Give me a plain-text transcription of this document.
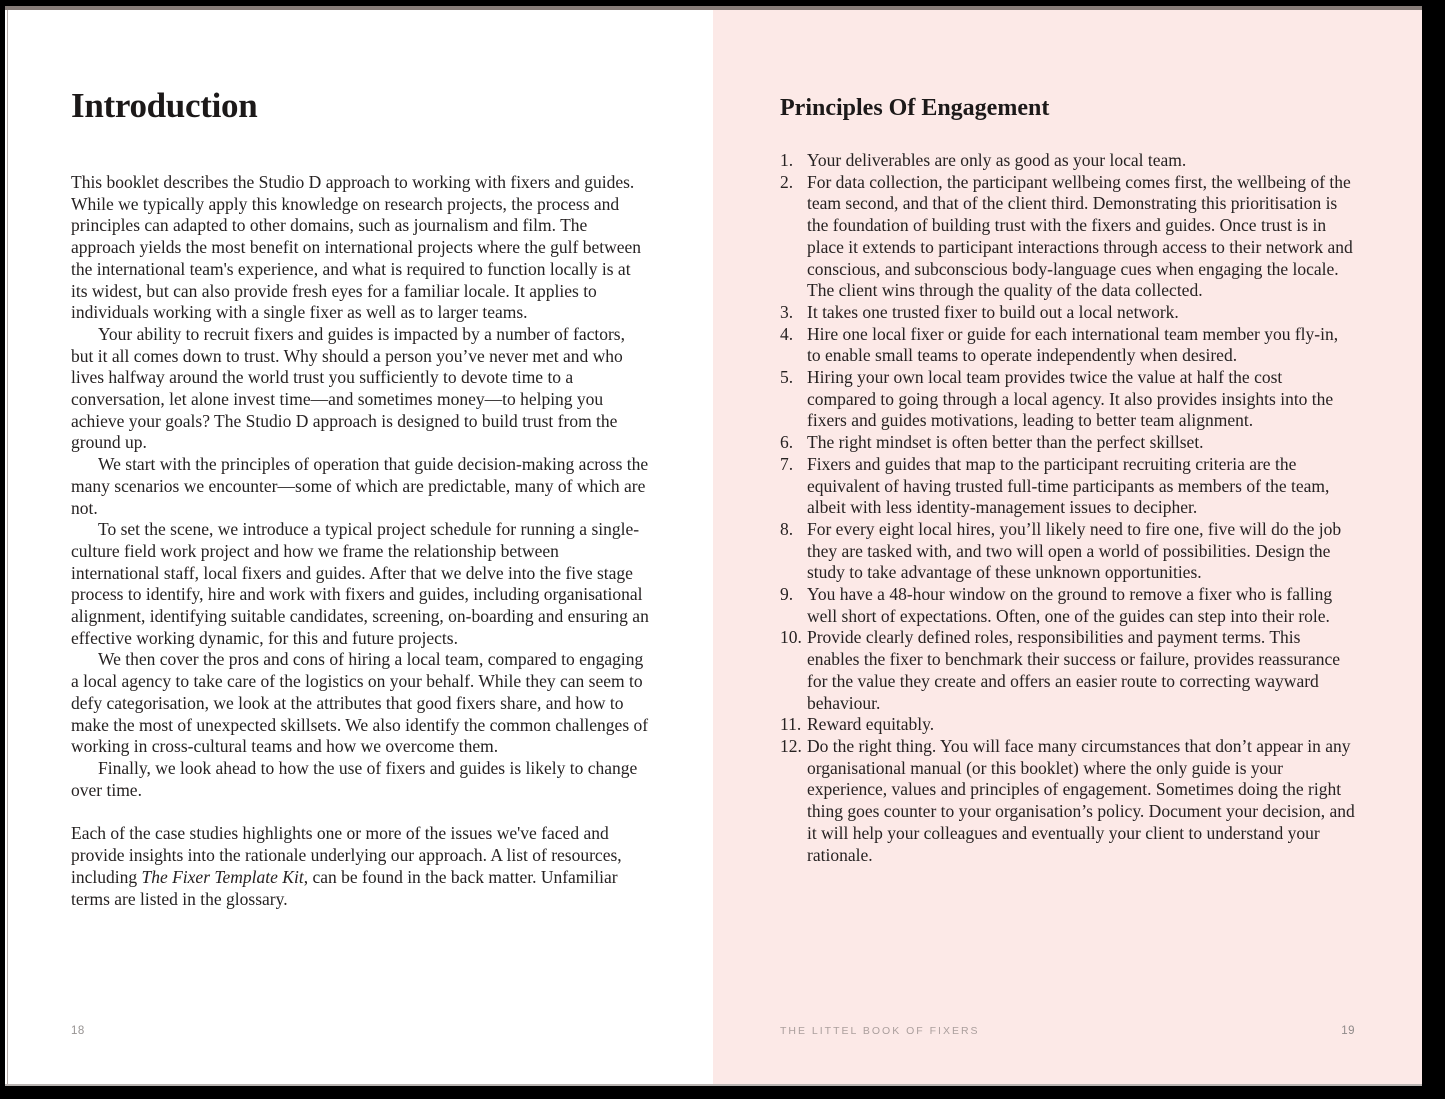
Introduction

This booklet describes the Studio D approach to working with fixers and guides. While we typically apply this knowledge on research projects, the process and principles can adapted to other domains, such as journalism and film. The approach yields the most benefit on international projects where the gulf between the international team's experience, and what is required to function locally is at its widest, but can also provide fresh eyes for a familiar locale. It applies to individuals working with a single fixer as well as to larger teams.

Your ability to recruit fixers and guides is impacted by a number of factors, but it all comes down to trust. Why should a person you’ve never met and who lives halfway around the world trust you sufficiently to devote time to a conversation, let alone invest time—and sometimes money—to helping you achieve your goals? The Studio D approach is designed to build trust from the ground up.

We start with the principles of operation that guide decision-making across the many scenarios we encounter—some of which are predictable, many of which are not.

To set the scene, we introduce a typical project schedule for running a single-culture field work project and how we frame the relationship between international staff, local fixers and guides. After that we delve into the five stage process to identify, hire and work with fixers and guides, including organisational alignment, identifying suitable candidates, screening, on-boarding and ensuring an effective working dynamic, for this and future projects.

We then cover the pros and cons of hiring a local team, compared to engaging a local agency to take care of the logistics on your behalf. While they can seem to defy categorisation, we look at the attributes that good fixers share, and how to make the most of unexpected skillsets. We also identify the common challenges of working in cross-cultural teams and how we overcome them.

Finally, we look ahead to how the use of fixers and guides is likely to change over time.

Each of the case studies highlights one or more of the issues we've faced and provide insights into the rationale underlying our approach. A list of resources, including The Fixer Template Kit, can be found in the back matter. Unfamiliar terms are listed in the glossary.

18
Principles Of Engagement
1. Your deliverables are only as good as your local team.
2. For data collection, the participant wellbeing comes first, the wellbeing of the team second, and that of the client third. Demonstrating this prioritisation is the foundation of building trust with the fixers and guides. Once trust is in place it extends to participant interactions through access to their network and conscious, and subconscious body-language cues when engaging the locale. The client wins through the quality of the data collected.
3. It takes one trusted fixer to build out a local network.
4. Hire one local fixer or guide for each international team member you fly-in, to enable small teams to operate independently when desired.
5. Hiring your own local team provides twice the value at half the cost compared to going through a local agency. It also provides insights into the fixers and guides motivations, leading to better team alignment.
6. The right mindset is often better than the perfect skillset.
7. Fixers and guides that map to the participant recruiting criteria are the equivalent of having trusted full-time participants as members of the team, albeit with less identity-management issues to decipher.
8. For every eight local hires, you’ll likely need to fire one, five will do the job they are tasked with, and two will open a world of possibilities. Design the study to take advantage of these unknown opportunities.
9. You have a 48-hour window on the ground to remove a fixer who is falling well short of expectations. Often, one of the guides can step into their role.
10. Provide clearly defined roles, responsibilities and payment terms. This enables the fixer to benchmark their success or failure, provides reassurance for the value they create and offers an easier route to correcting wayward behaviour.
11. Reward equitably.
12. Do the right thing. You will face many circumstances that don’t appear in any organisational manual (or this booklet) where the only guide is your experience, values and principles of engagement. Sometimes doing the right thing goes counter to your organisation’s policy. Document your decision, and it will help your colleagues and eventually your client to understand your rationale.
THE LITTEL BOOK OF FIXERS	19
